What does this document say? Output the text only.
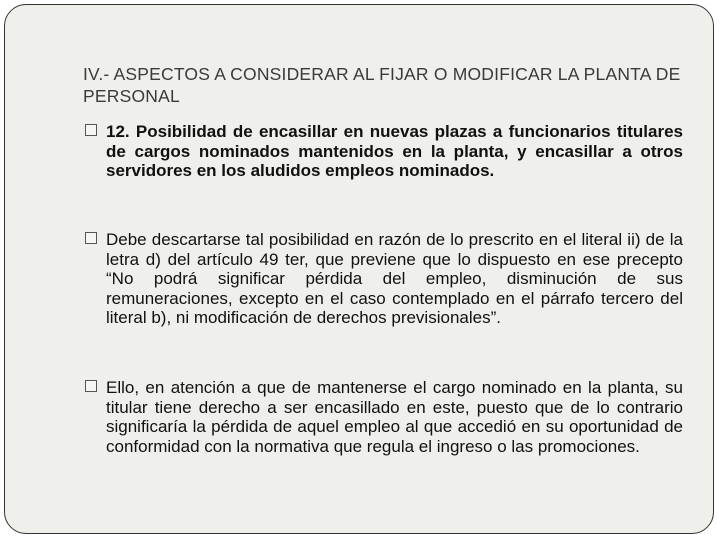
IV.- ASPECTOS A CONSIDERAR AL FIJAR O MODIFICAR LA PLANTA DE PERSONAL
12. Posibilidad de encasillar en nuevas plazas a funcionarios titulares de cargos nominados mantenidos en la planta, y encasillar a otros servidores en los aludidos empleos nominados.
Debe descartarse tal posibilidad en razón de lo prescrito en el literal ii) de la letra d) del artículo 49 ter, que previene que lo dispuesto en ese precepto “No podrá significar pérdida del empleo, disminución de sus remuneraciones, excepto en el caso contemplado en el párrafo tercero del literal b), ni modificación de derechos previsionales”.
Ello, en atención a que de mantenerse el cargo nominado en la planta, su titular tiene derecho a ser encasillado en este, puesto que de lo contrario significaría la pérdida de aquel empleo al que accedió en su oportunidad de conformidad con la normativa que regula el ingreso o las promociones.
